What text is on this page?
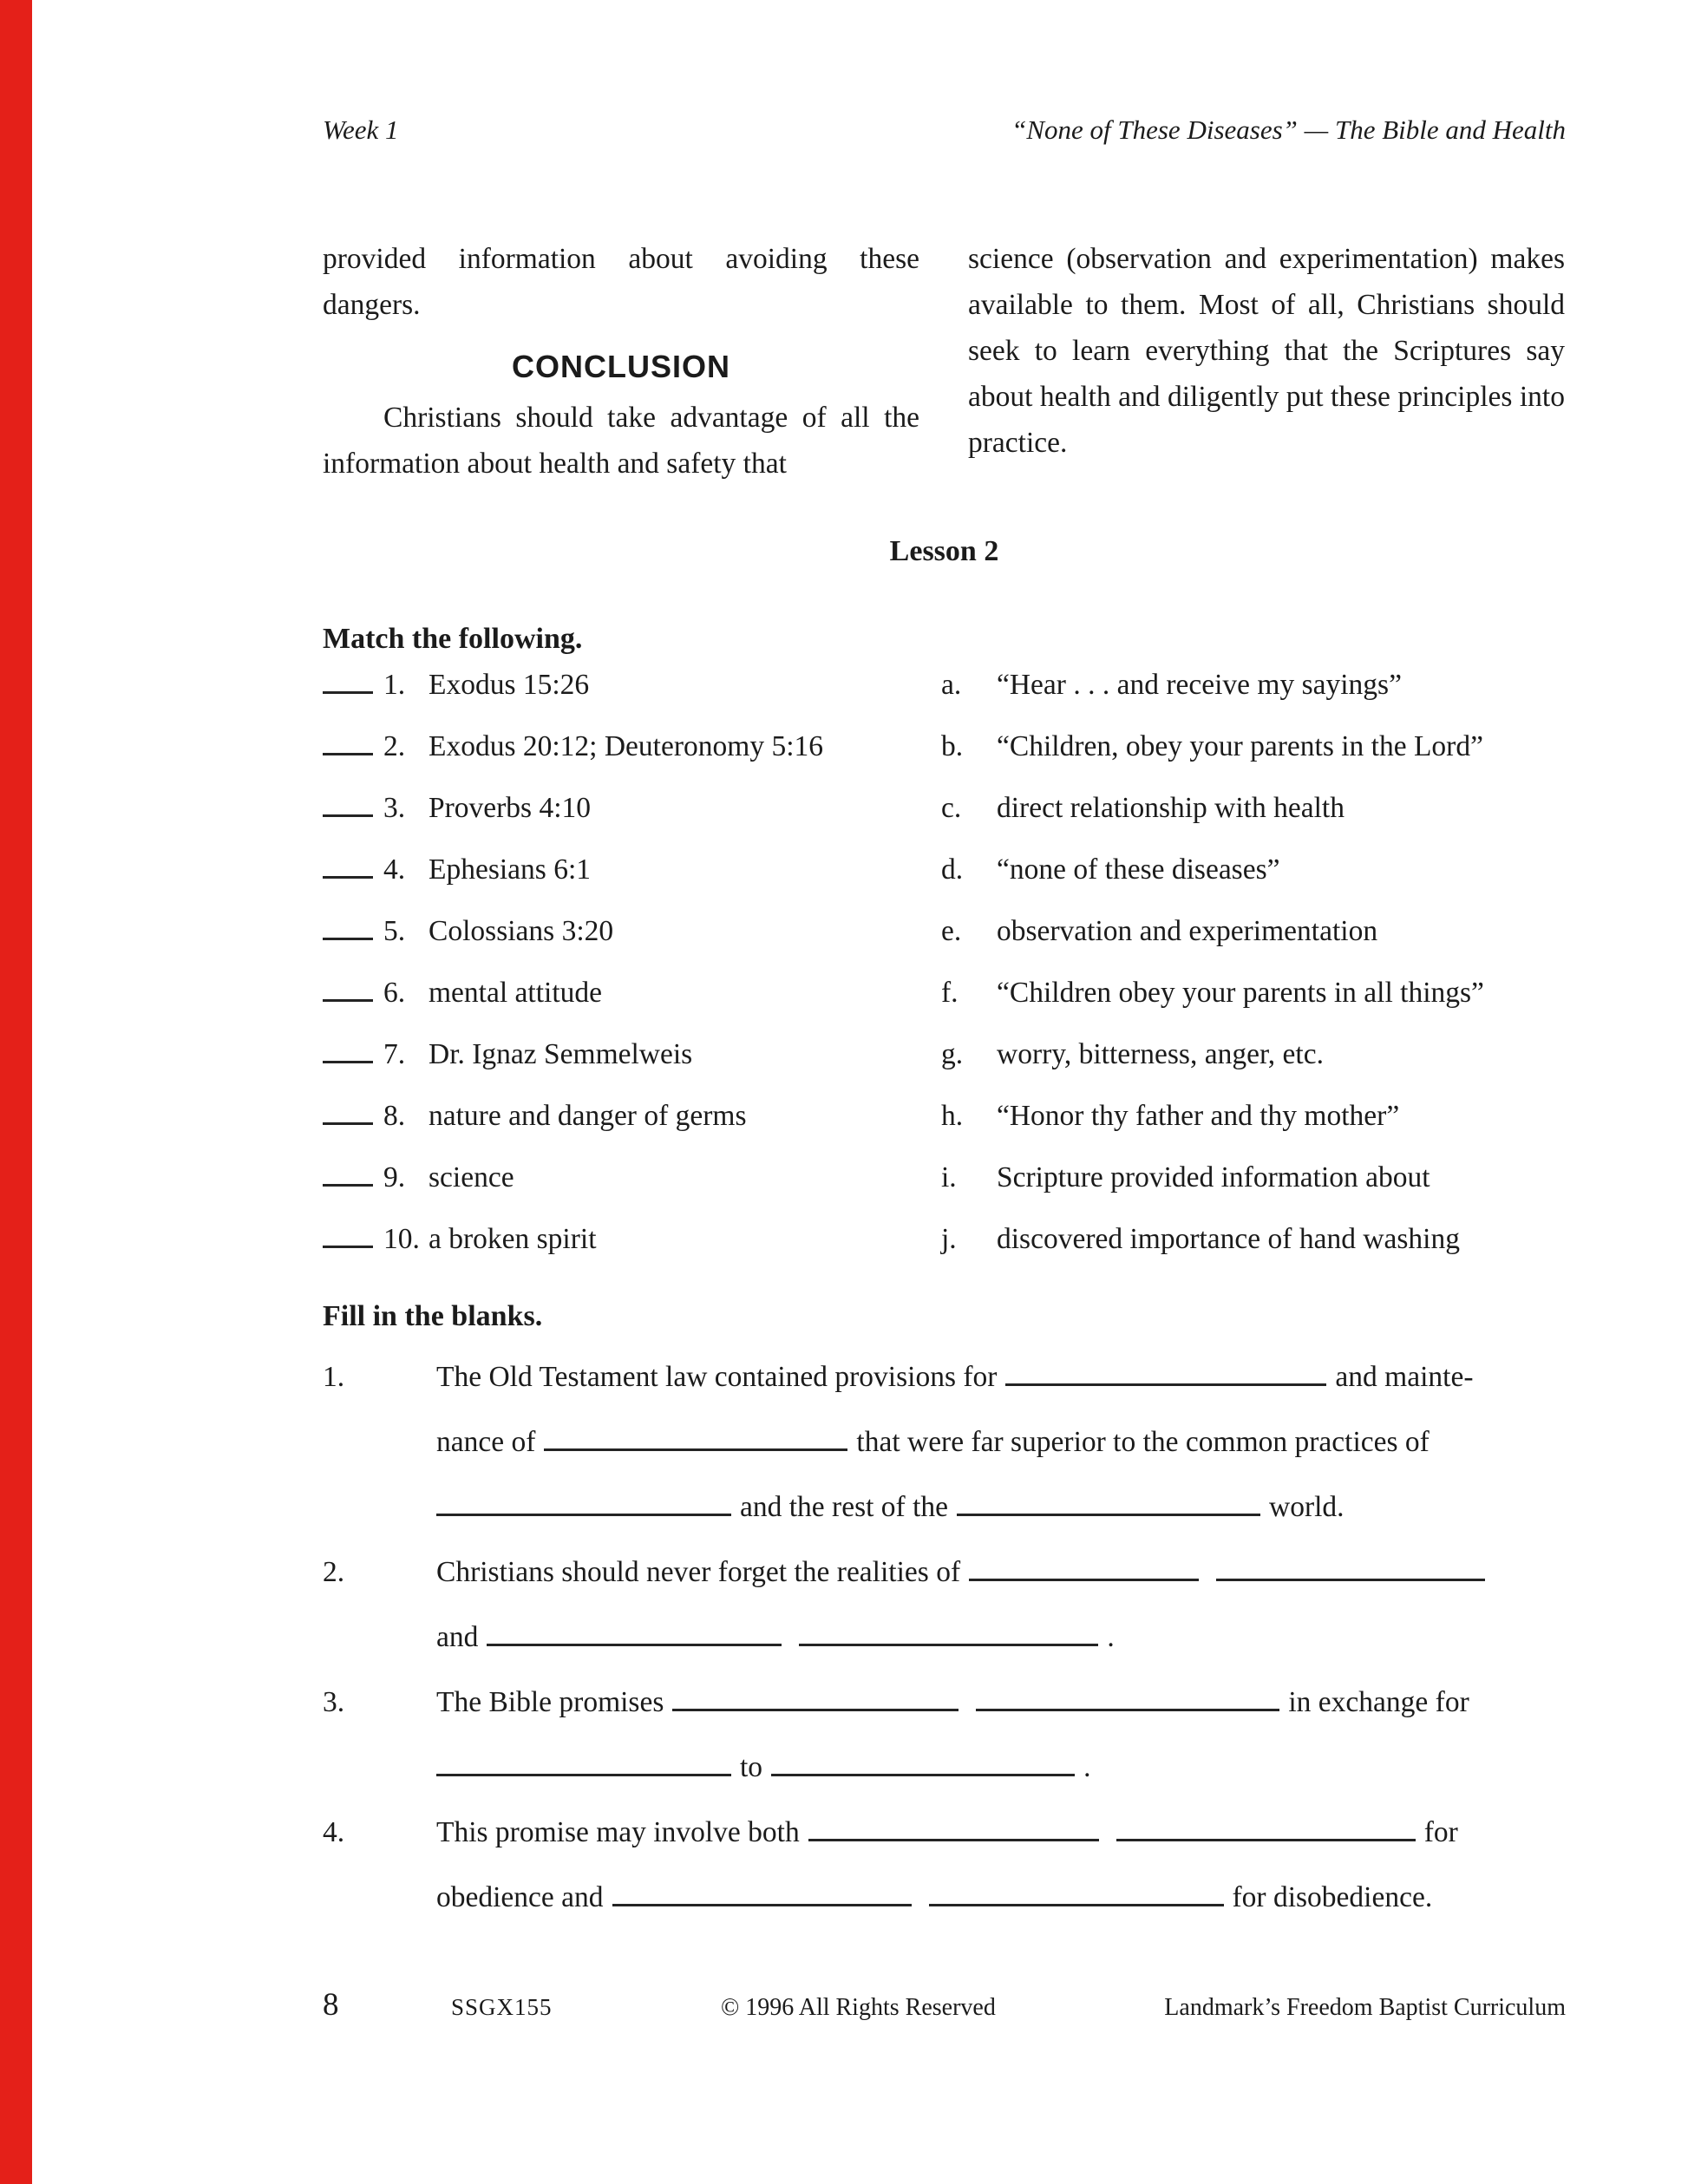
Week 1	“None of These Diseases” — The Bible and Health
provided information about avoiding these dangers.
CONCLUSION
Christians should take advantage of all the information about health and safety that
science (observation and experimentation) makes available to them. Most of all, Christians should seek to learn everything that the Scriptures say about health and diligently put these principles into practice.
Lesson 2
Match the following.
1. Exodus 15:26	a. “Hear . . . and receive my sayings”
2. Exodus 20:12; Deuteronomy 5:16	b. “Children, obey your parents in the Lord”
3. Proverbs 4:10	c. direct relationship with health
4. Ephesians 6:1	d. “none of these diseases”
5. Colossians 3:20	e. observation and experimentation
6. mental attitude	f. “Children obey your parents in all things”
7. Dr. Ignaz Semmelweis	g. worry, bitterness, anger, etc.
8. nature and danger of germs	h. “Honor thy father and thy mother”
9. science	i. Scripture provided information about
10. a broken spirit	j. discovered importance of hand washing
Fill in the blanks.
1.	The Old Testament law contained provisions for	and mainte-
nance of	that were far superior to the common practices of
and the rest of the	world.
2.	Christians should never forget the realities of
and	.
3.	The Bible promises	in exchange for
to	.
4.	This promise may involve both	for
obedience and	for disobedience.
8	SSGX155	© 1996 All Rights Reserved	Landmark’s Freedom Baptist Curriculum
